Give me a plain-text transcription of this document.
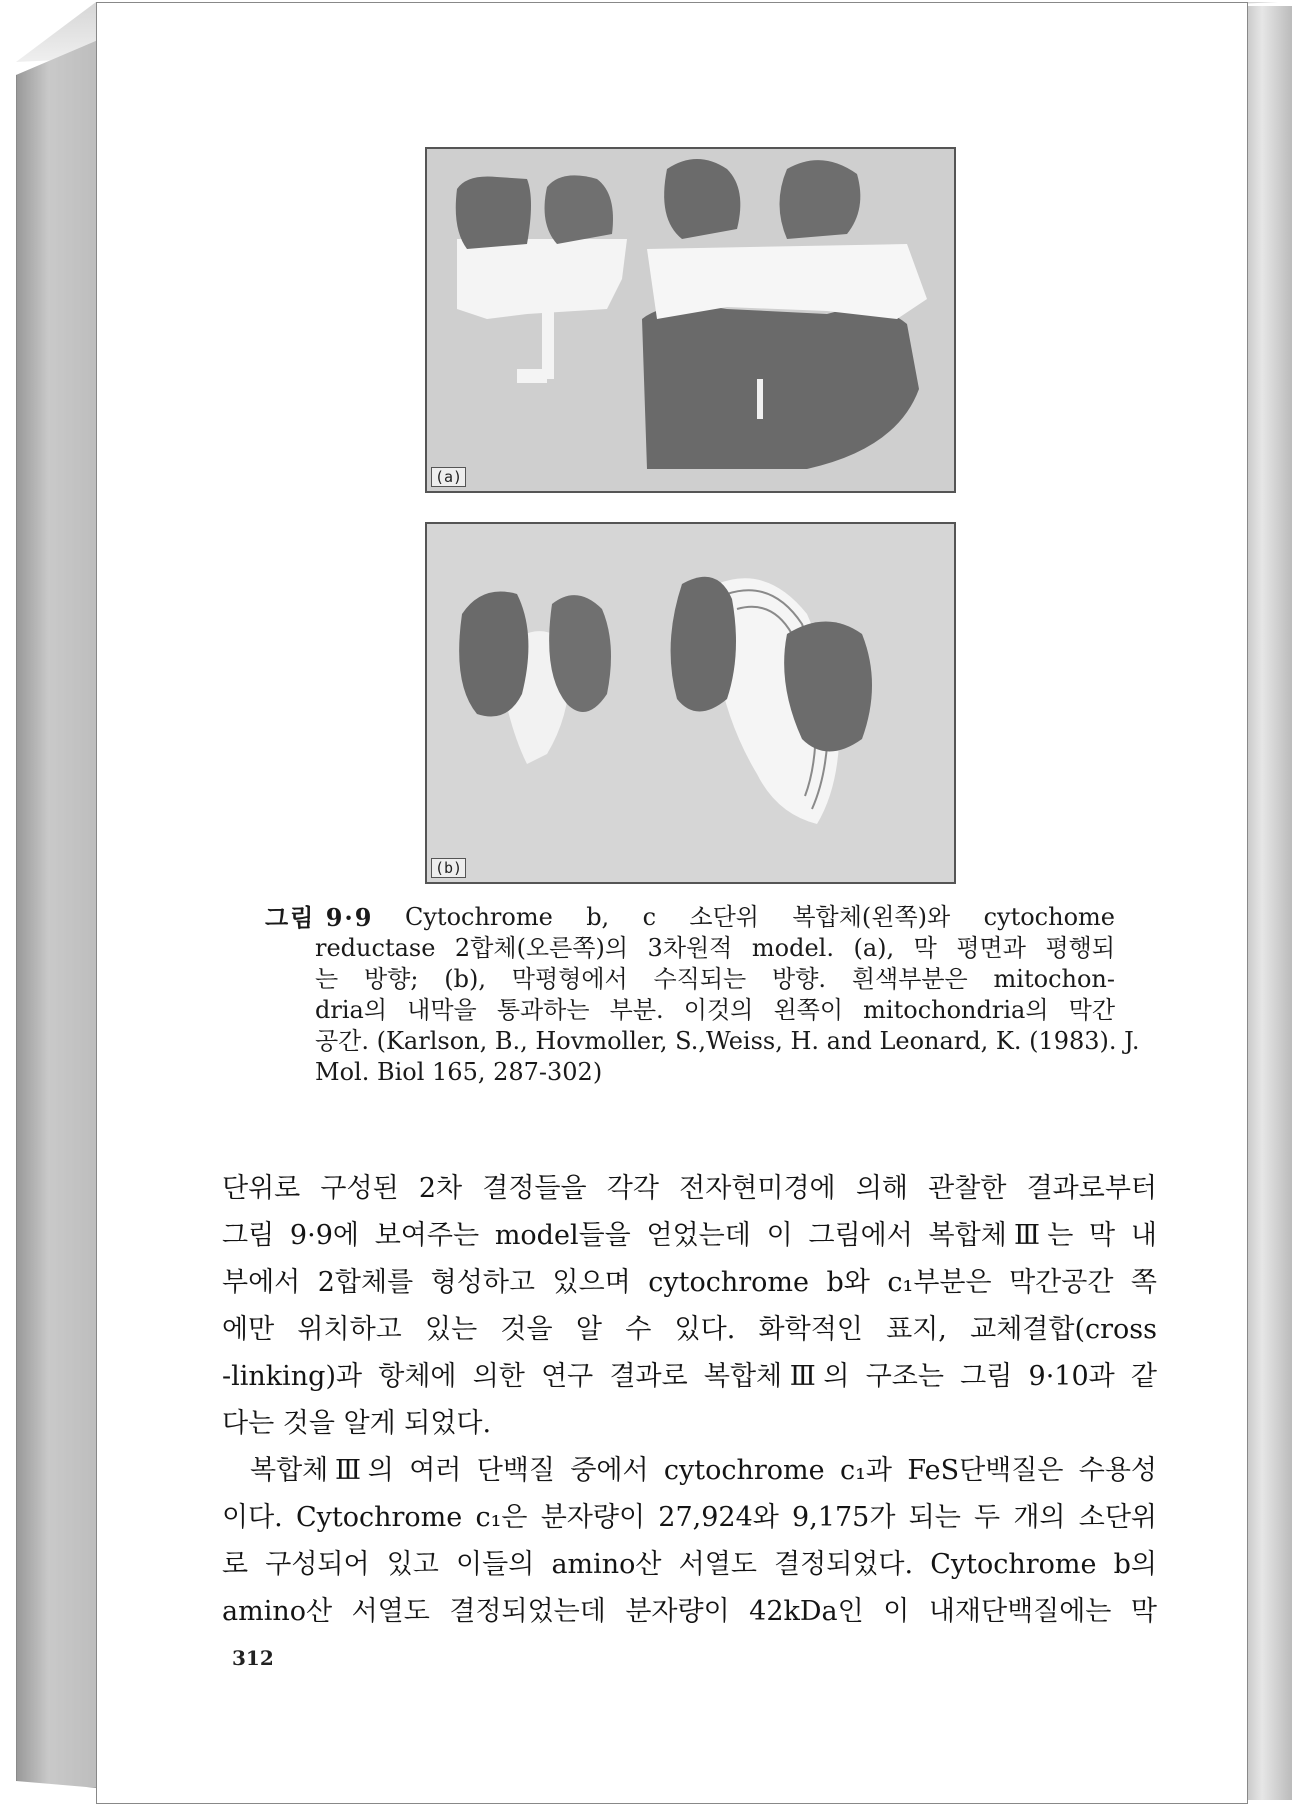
(a)
(b)
그림 9·9 Cytochrome b, c 소단위 복합체(왼쪽)와 cytochome
reductase 2합체(오른쪽)의 3차원적 model. (a), 막 평면과 평행되
는 방향; (b), 막평형에서 수직되는 방향. 흰색부분은 mitochon-
dria의 내막을 통과하는 부분. 이것의 왼쪽이 mitochondria의 막간
공간. (Karlson, B., Hovmoller, S.,Weiss, H. and Leonard, K. (1983). J.
Mol. Biol 165, 287-302)
단위로 구성된 2차 결정들을 각각 전자현미경에 의해 관찰한 결과로부터
그림 9·9에 보여주는 model들을 얻었는데 이 그림에서 복합체Ⅲ는 막 내
부에서 2합체를 형성하고 있으며 cytochrome b와 c₁부분은 막간공간 쪽
에만 위치하고 있는 것을 알 수 있다. 화학적인 표지, 교체결합(cross
-linking)과 항체에 의한 연구 결과로 복합체Ⅲ의 구조는 그림 9·10과 같
다는 것을 알게 되었다.
복합체Ⅲ의 여러 단백질 중에서 cytochrome c₁과 FeS단백질은 수용성
이다. Cytochrome c₁은 분자량이 27,924와 9,175가 되는 두 개의 소단위
로 구성되어 있고 이들의 amino산 서열도 결정되었다. Cytochrome b의
amino산 서열도 결정되었는데 분자량이 42kDa인 이 내재단백질에는 막
312
